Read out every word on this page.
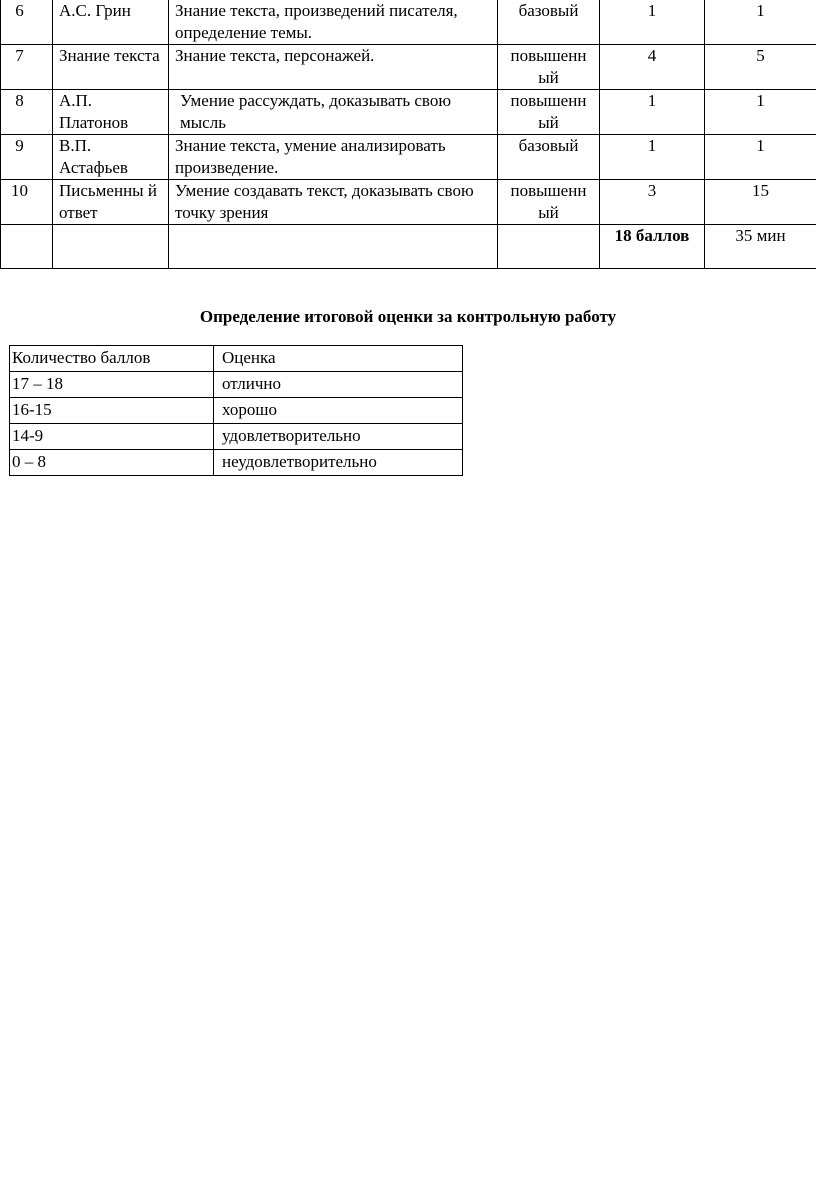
6	А.С. Грин	Знание текста, произведений писателя, определение темы.	базовый	1	1
7	Знание текста	Знание текста, персонажей.	повышенн ый	4	5
8	А.П. Платонов	Умение рассуждать, доказывать свою мысль	повышенн ый	1	1
9	В.П. Астафьев	Знание текста, умение анализировать произведение.	базовый	1	1
10	Письменны й ответ	Умение создавать текст, доказывать свою точку зрения	повышенн ый	3	15
				18 баллов	35 мин
Определение итоговой оценки за контрольную работу
Количество баллов	Оценка
17 – 18	отлично
16-15	хорошо
14-9	удовлетворительно
0 – 8	неудовлетворительно
